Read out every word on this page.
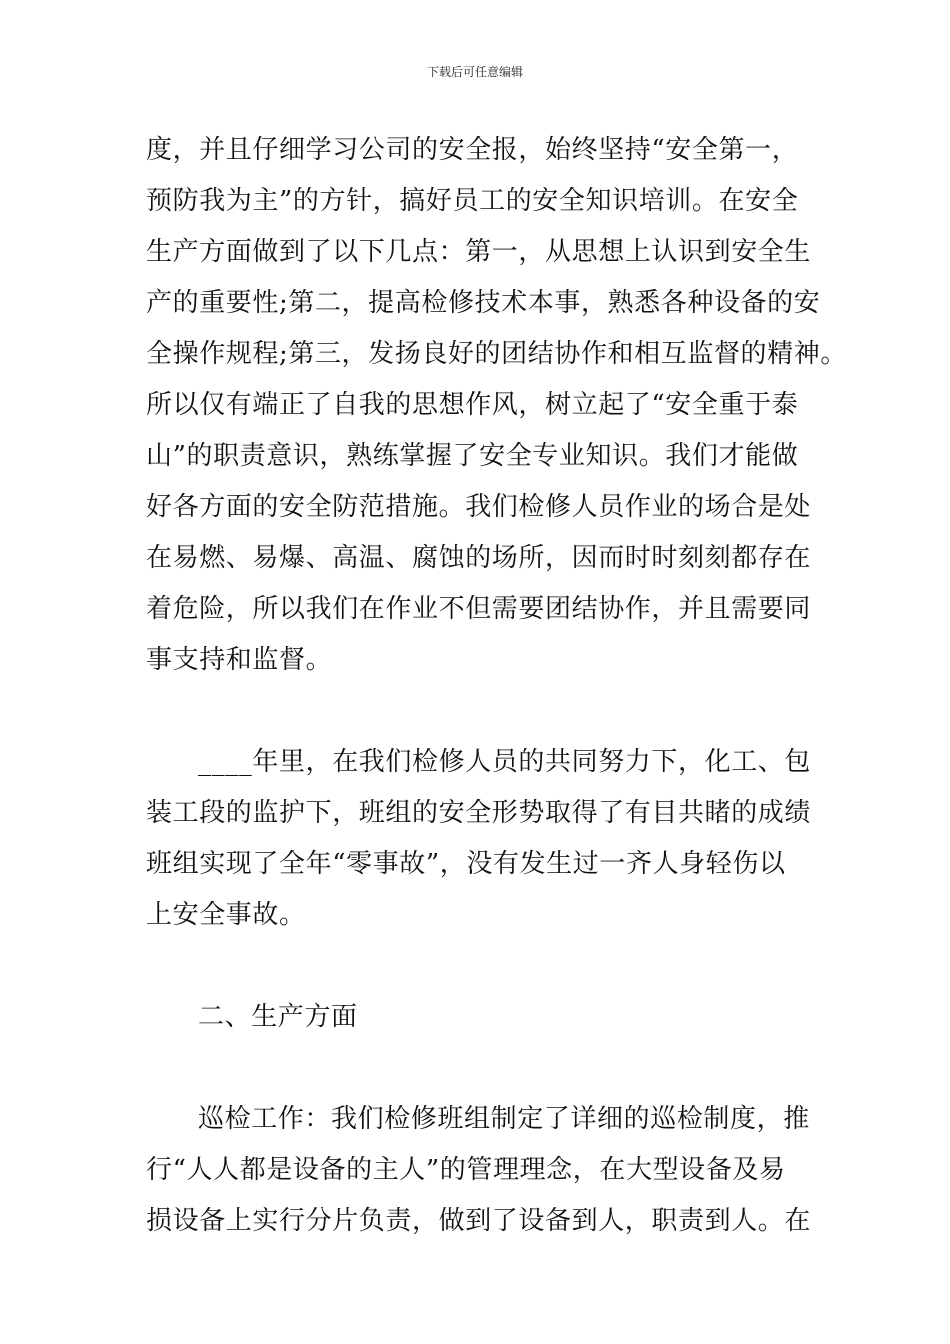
下载后可任意编辑
度，并且仔细学习公司的安全报，始终坚持“安全第一，
预防我为主”的方针，搞好员工的安全知识培训。在安全
生产方面做到了以下几点：第一，从思想上认识到安全生
产的重要性;第二，提高检修技术本事，熟悉各种设备的安
全操作规程;第三，发扬良好的团结协作和相互监督的精神。
所以仅有端正了自我的思想作风，树立起了“安全重于泰
山”的职责意识，熟练掌握了安全专业知识。我们才能做
好各方面的安全防范措施。我们检修人员作业的场合是处
在易燃、易爆、高温、腐蚀的场所，因而时时刻刻都存在
着危险，所以我们在作业不但需要团结协作，并且需要同
事支持和监督。
____年里，在我们检修人员的共同努力下，化工、包
装工段的监护下，班组的安全形势取得了有目共睹的成绩
班组实现了全年“零事故”，没有发生过一齐人身轻伤以
上安全事故。
二、生产方面
巡检工作：我们检修班组制定了详细的巡检制度，推
行“人人都是设备的主人”的管理理念，在大型设备及易
损设备上实行分片负责，做到了设备到人，职责到人。在
